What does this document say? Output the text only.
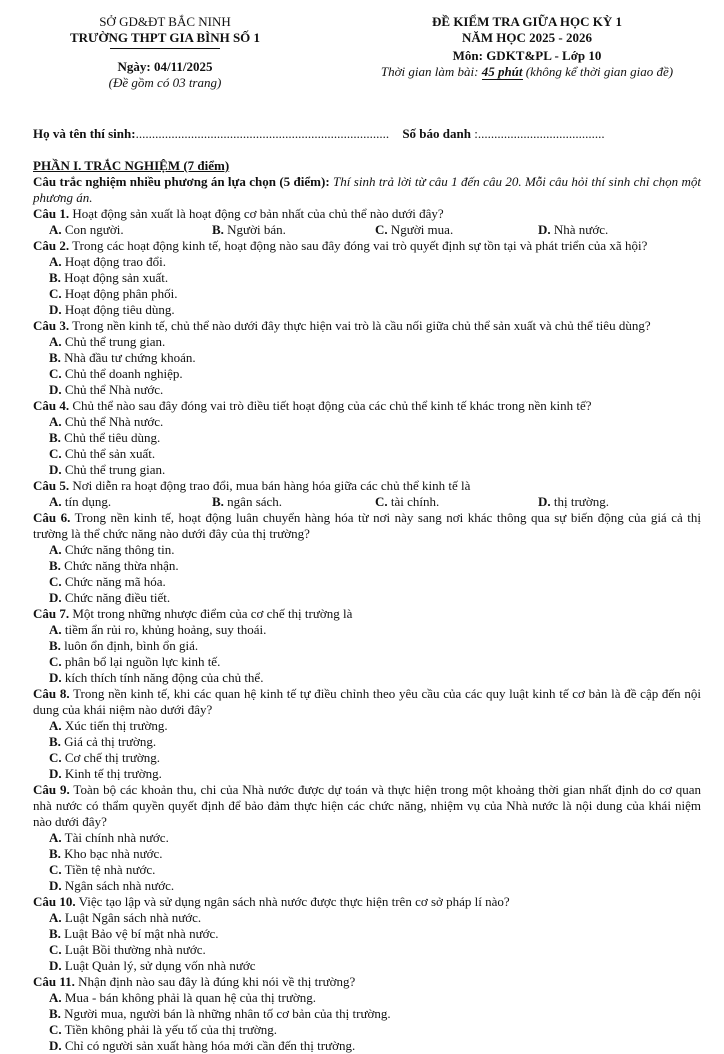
SỞ GD&ĐT BẮC NINH
TRƯỜNG THPT GIA BÌNH SỐ 1
Ngày: 04/11/2025
(Đề gồm có 03 trang)
ĐỀ KIỂM TRA GIỮA HỌC KỲ 1
NĂM HỌC 2025 - 2026
Môn: GDKT&PL - Lớp 10
Thời gian làm bài: 45 phút (không kể thời gian giao đề)
Họ và tên thí sinh:.............................................................................. Số báo danh :.......................................

PHẦN I. TRẮC NGHIỆM (7 điểm)

Câu trắc nghiệm nhiều phương án lựa chọn (5 điểm): Thí sinh trả lời từ câu 1 đến câu 20. Mỗi câu hỏi thí sinh chỉ chọn một phương án.

Câu 1. Hoạt động sản xuất là hoạt động cơ bản nhất của chủ thể nào dưới đây?

A. Con người.	B. Người bán.	C. Người mua.	D. Nhà nước.

Câu 2. Trong các hoạt động kinh tế, hoạt động nào sau đây đóng vai trò quyết định sự tồn tại và phát triển của xã hội?

A. Hoạt động trao đổi.
B. Hoạt động sản xuất.
C. Hoạt động phân phối.
D. Hoạt động tiêu dùng.

Câu 3. Trong nền kinh tế, chủ thể nào dưới đây thực hiện vai trò là cầu nối giữa chủ thể sản xuất và chủ thể tiêu dùng?

A. Chủ thể trung gian.
B. Nhà đầu tư chứng khoán.
C. Chủ thể doanh nghiệp.
D. Chủ thể Nhà nước.

Câu 4. Chủ thể nào sau đây đóng vai trò điều tiết hoạt động của các chủ thể kinh tế khác trong nền kinh tế?

A. Chủ thể Nhà nước.
B. Chủ thể tiêu dùng.
C. Chủ thể sản xuất.
D. Chủ thể trung gian.

Câu 5. Nơi diễn ra hoạt động trao đổi, mua bán hàng hóa giữa các chủ thể kinh tế là

A. tín dụng.	B. ngân sách.	C. tài chính.	D. thị trường.

Câu 6. Trong nền kinh tế, hoạt động luân chuyển hàng hóa từ nơi này sang nơi khác thông qua sự biến động của giá cả thị trường là thể chức năng nào dưới đây của thị trường?

A. Chức năng thông tin.
B. Chức năng thừa nhận.
C. Chức năng mã hóa.
D. Chức năng điều tiết.

Câu 7. Một trong những nhược điểm của cơ chế thị trường là

A. tiềm ẩn rủi ro, khủng hoảng, suy thoái.
B. luôn ổn định, bình ổn giá.
C. phân bổ lại nguồn lực kinh tế.
D. kích thích tính năng động của chủ thể.

Câu 8. Trong nền kinh tế, khi các quan hệ kinh tế tự điều chỉnh theo yêu cầu của các quy luật kinh tế cơ bản là đề cập đến nội dung của khái niệm nào dưới đây?

A. Xúc tiến thị trường.
B. Giá cả thị trường.
C. Cơ chế thị trường.
D. Kinh tế thị trường.

Câu 9. Toàn bộ các khoản thu, chi của Nhà nước được dự toán và thực hiện trong một khoảng thời gian nhất định do cơ quan nhà nước có thẩm quyền quyết định để bảo đảm thực hiện các chức năng, nhiệm vụ của Nhà nước là nội dung của khái niệm nào dưới đây?

A. Tài chính nhà nước.
B. Kho bạc nhà nước.
C. Tiền tệ nhà nước.
D. Ngân sách nhà nước.

Câu 10. Việc tạo lập và sử dụng ngân sách nhà nước được thực hiện trên cơ sở pháp lí nào?

A. Luật Ngân sách nhà nước.
B. Luật Bảo vệ bí mật nhà nước.
C. Luật Bồi thường nhà nước.
D. Luật Quản lý, sử dụng vốn nhà nước

Câu 11. Nhận định nào sau đây là đúng khi nói về thị trường?

A. Mua - bán không phải là quan hệ của thị trường.
B. Người mua, người bán là những nhân tố cơ bản của thị trường.
C. Tiền không phải là yếu tố của thị trường.
D. Chỉ có người sản xuất hàng hóa mới cần đến thị trường.
